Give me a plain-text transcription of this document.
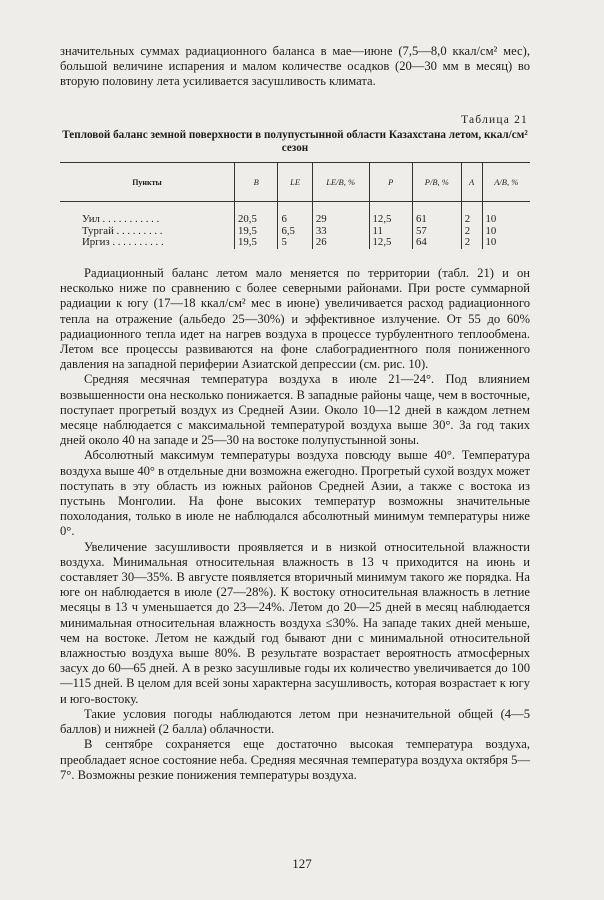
значительных суммах радиационного баланса в мае—июне (7,5—8,0 ккал/см² мес), большой величине испарения и малом количестве осадков (20—30 мм в месяц) во вторую половину лета усиливается засушливость климата.

Таблица 21
Тепловой баланс земной поверхности в полупустынной области Казахстана летом, ккал/см² сезон
Пункты	B	LE	LE/B, %	P	P/B, %	A	A/B, %

Уил . . . . . . . . . . .	20,5	6	29	12,5	61	2	10
Тургай . . . . . . . . .	19,5	6,5	33	11	57	2	10
Иргиз . . . . . . . . . .	19,5	5	26	12,5	64	2	10

Радиационный баланс летом мало меняется по территории (табл. 21) и он несколько ниже по сравнению с более северными районами. При росте суммарной радиации к югу (17—18 ккал/см² мес в июне) увеличивается расход радиационного тепла на отражение (альбедо 25—30%) и эффективное излучение. От 55 до 60% радиационного тепла идет на нагрев воздуха в процессе турбулентного теплообмена. Летом все процессы развиваются на фоне слабоградиентного поля пониженного давления на западной периферии Азиатской депрессии (см. рис. 10).

Средняя месячная температура воздуха в июле 21—24°. Под влиянием возвышенности она несколько понижается. В западные районы чаще, чем в восточные, поступает прогретый воздух из Средней Азии. Около 10—12 дней в каждом летнем месяце наблюдается с максимальной температурой воздуха выше 30°. За год таких дней около 40 на западе и 25—30 на востоке полупустынной зоны.

Абсолютный максимум температуры воздуха повсюду выше 40°. Температура воздуха выше 40° в отдельные дни возможна ежегодно. Прогретый сухой воздух может поступать в эту область из южных районов Средней Азии, а также с востока из пустынь Монголии. На фоне высоких температур возможны значительные похолодания, только в июле не наблюдался абсолютный минимум температуры ниже 0°.

Увеличение засушливости проявляется и в низкой относительной влажности воздуха. Минимальная относительная влажность в 13 ч приходится на июнь и составляет 30—35%. В августе появляется вторичный минимум такого же порядка. На юге он наблюдается в июле (27—28%). К востоку относительная влажность в летние месяцы в 13 ч уменьшается до 23—24%. Летом до 20—25 дней в месяц наблюдается минимальная относительная влажность воздуха ≤30%. На западе таких дней меньше, чем на востоке. Летом не каждый год бывают дни с минимальной относительной влажностью воздуха выше 80%. В результате возрастает вероятность атмосферных засух до 60—65 дней. А в резко засушливые годы их количество увеличивается до 100—115 дней. В целом для всей зоны характерна засушливость, которая возрастает к югу и юго-востоку.

Такие условия погоды наблюдаются летом при незначительной общей (4—5 баллов) и нижней (2 балла) облачности.

В сентябре сохраняется еще достаточно высокая температура воздуха, преобладает ясное состояние неба. Средняя месячная температура воздуха октября 5—7°. Возможны резкие понижения температуры воздуха.

127
